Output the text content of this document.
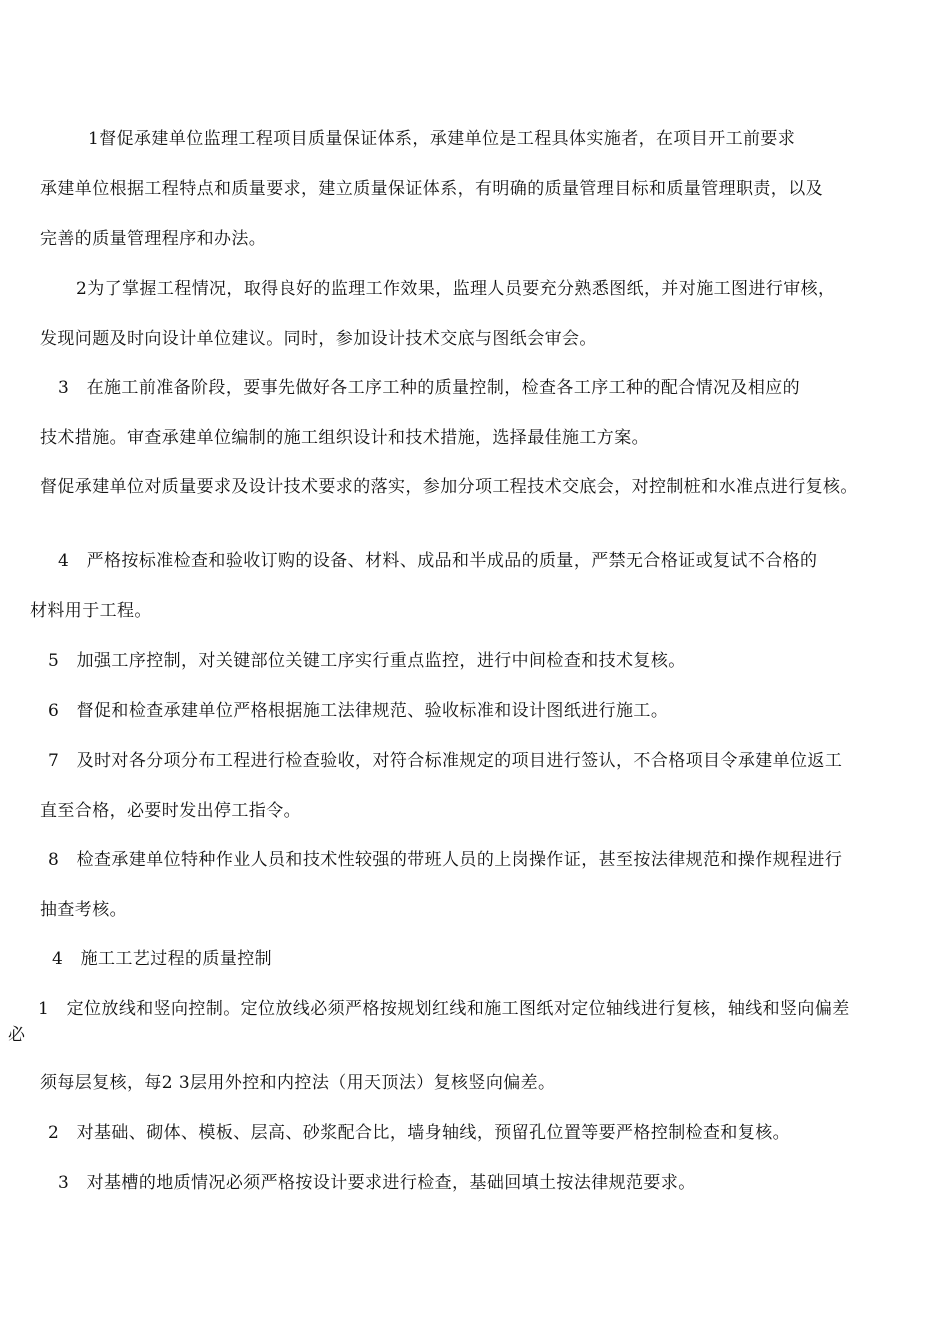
1督促承建单位监理工程项目质量保证体系，承建单位是工程具体实施者，在项目开工前要求
承建单位根据工程特点和质量要求，建立质量保证体系，有明确的质量管理目标和质量管理职责，以及
完善的质量管理程序和办法。
2为了掌握工程情况，取得良好的监理工作效果，监理人员要充分熟悉图纸，并对施工图进行审核，
发现问题及时向设计单位建议。同时，参加设计技术交底与图纸会审会。
3　在施工前准备阶段，要事先做好各工序工种的质量控制，检查各工序工种的配合情况及相应的
技术措施。审查承建单位编制的施工组织设计和技术措施，选择最佳施工方案。
督促承建单位对质量要求及设计技术要求的落实，参加分项工程技术交底会，对控制桩和水准点进行复核。
4　严格按标准检查和验收订购的设备、材料、成品和半成品的质量，严禁无合格证或复试不合格的
材料用于工程。
5　加强工序控制，对关键部位关键工序实行重点监控，进行中间检查和技术复核。
6　督促和检查承建单位严格根据施工法律规范、验收标准和设计图纸进行施工。
7　及时对各分项分布工程进行检查验收，对符合标准规定的项目进行签认，不合格项目令承建单位返工
直至合格，必要时发出停工指令。
8　检查承建单位特种作业人员和技术性较强的带班人员的上岗操作证，甚至按法律规范和操作规程进行
抽查考核。
4　施工工艺过程的质量控制
1　定位放线和竖向控制。定位放线必须严格按规划红线和施工图纸对定位轴线进行复核，轴线和竖向偏差
必
须每层复核，每2 3层用外控和内控法（用天顶法）复核竖向偏差。
2　对基础、砌体、模板、层高、砂浆配合比，墙身轴线，预留孔位置等要严格控制检查和复核。
3　对基槽的地质情况必须严格按设计要求进行检查，基础回填土按法律规范要求。
